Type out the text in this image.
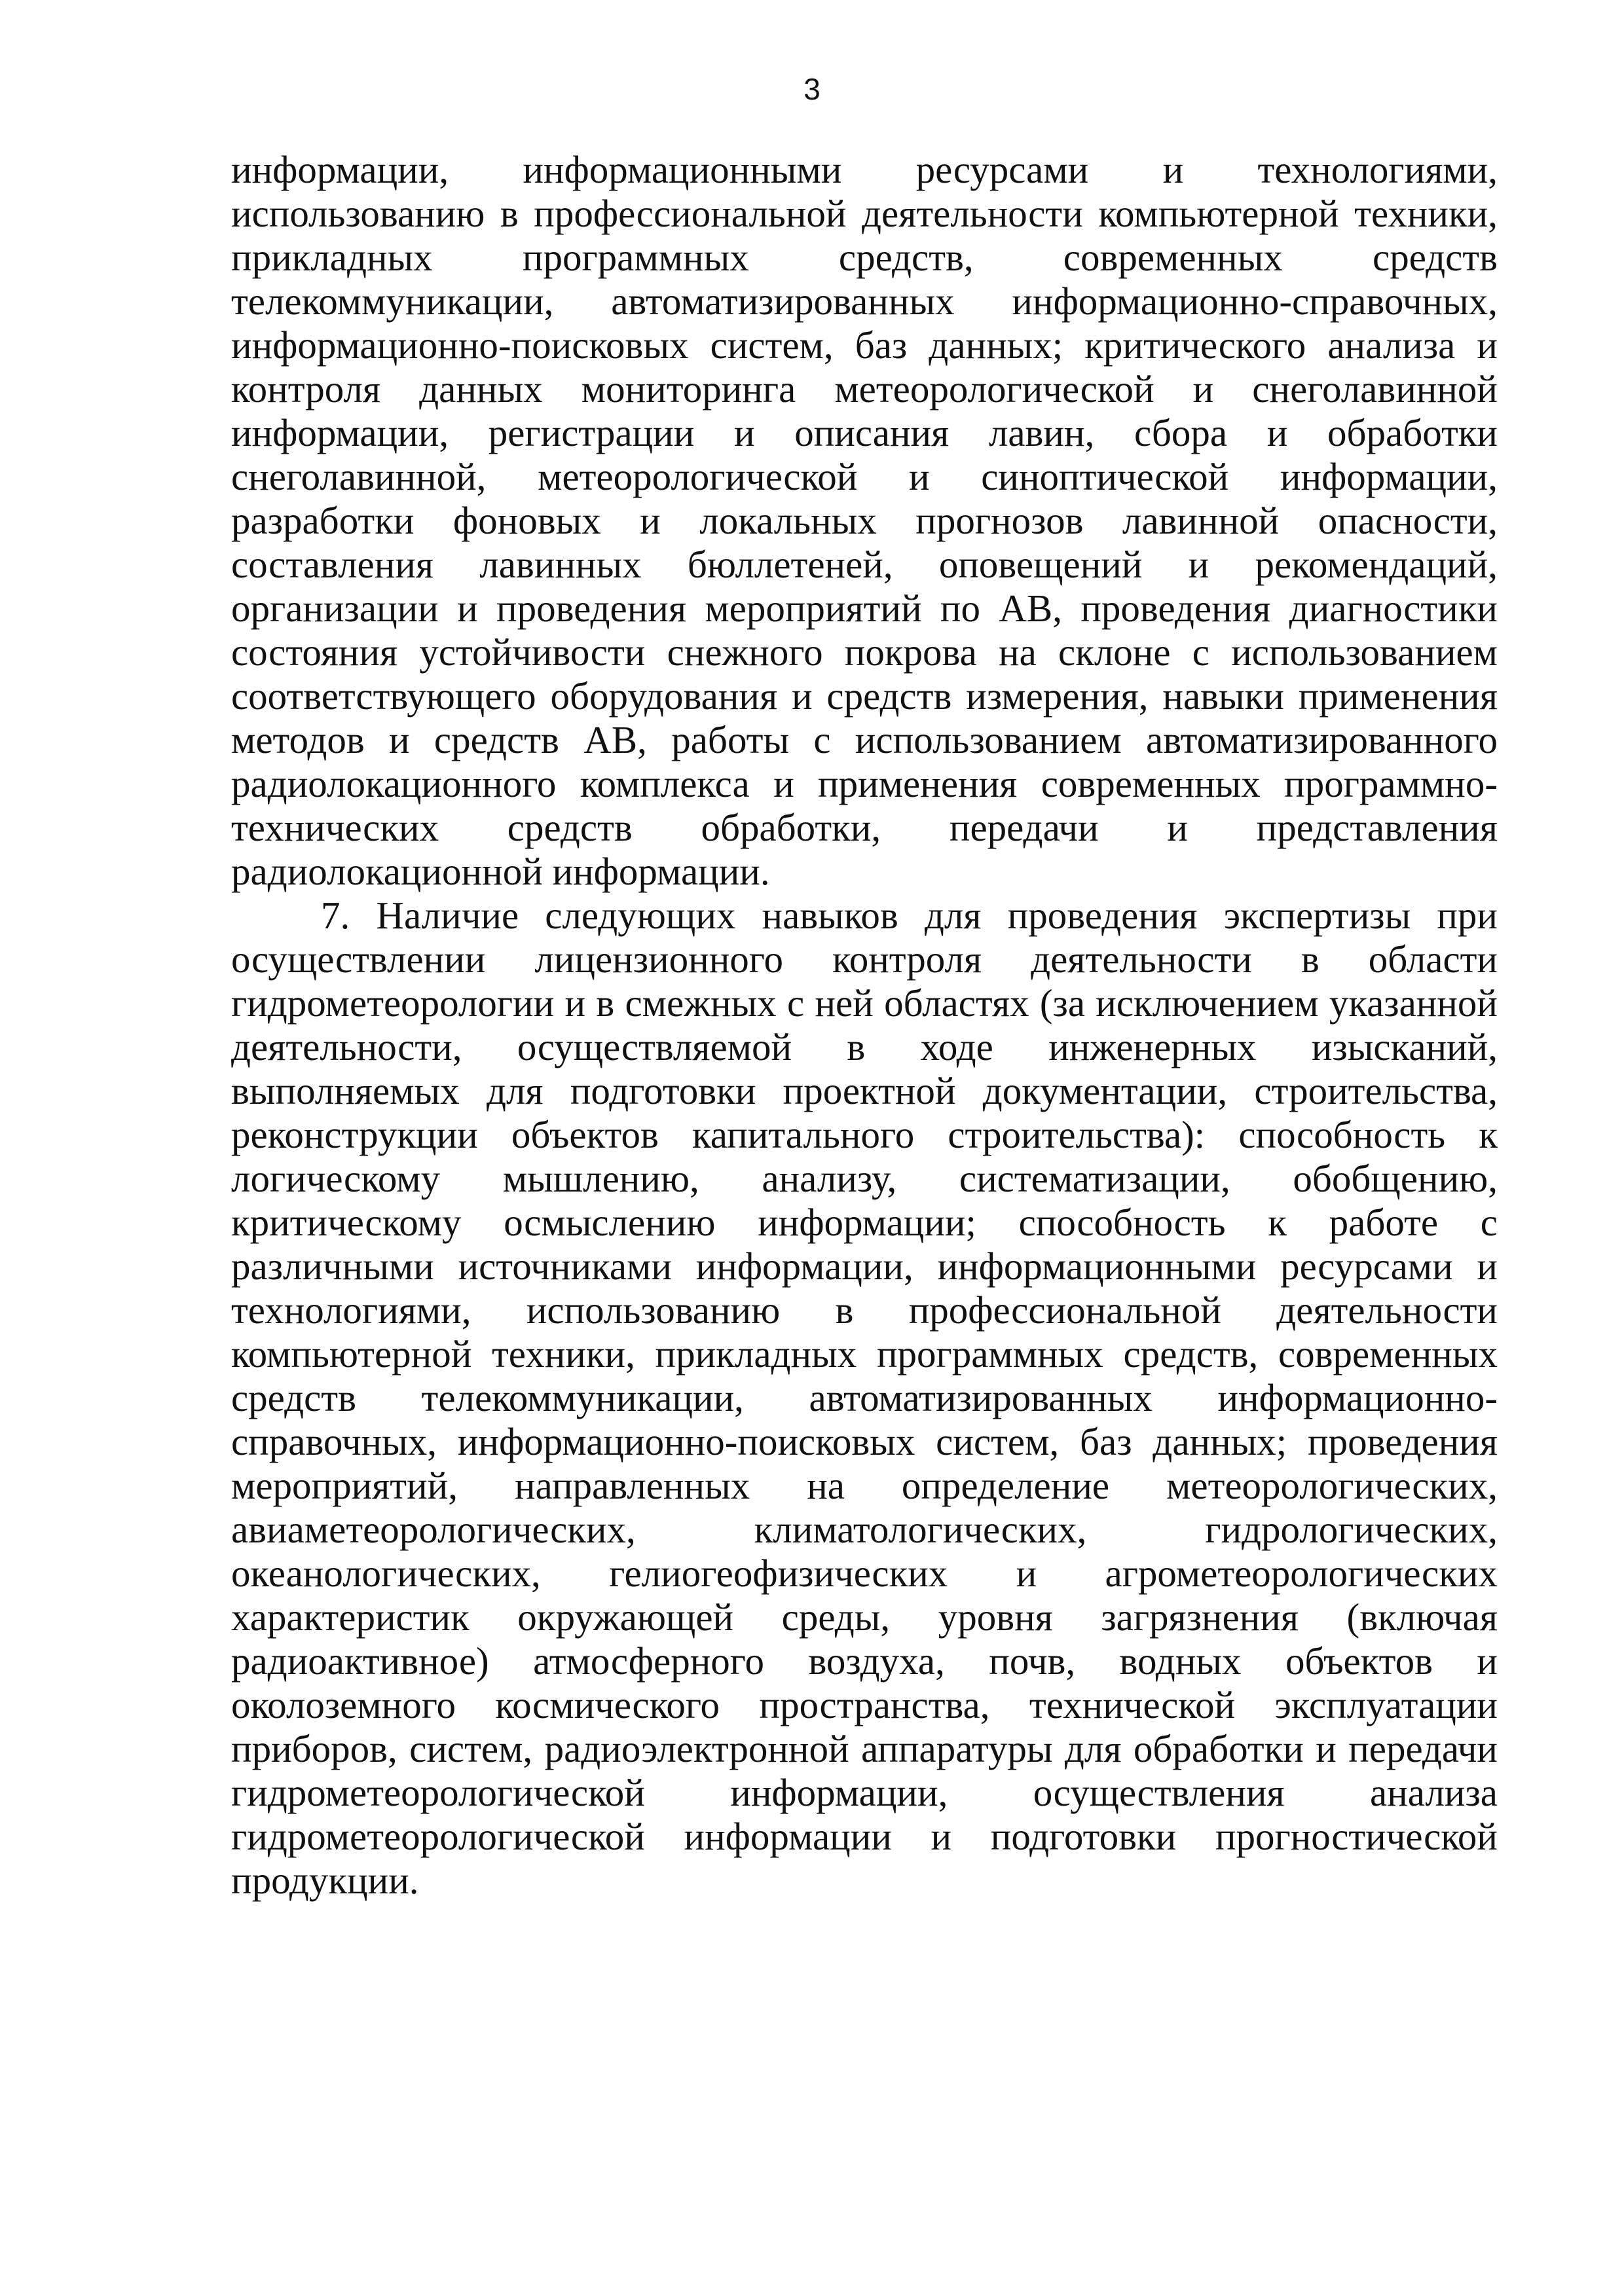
3

информации, информационными ресурсами и технологиями, использованию в профессиональной деятельности компьютерной техники, прикладных программных средств, современных средств телекоммуникации, автоматизированных информационно-справочных, информационно-поисковых систем, баз данных; критического анализа и контроля данных мониторинга метеорологической и снеголавинной информации, регистрации и описания лавин, сбора и обработки снеголавинной, метеорологической и синоптической информации, разработки фоновых и локальных прогнозов лавинной опасности, составления лавинных бюллетеней, оповещений и рекомендаций, организации и проведения мероприятий по АВ, проведения диагностики состояния устойчивости снежного покрова на склоне с использованием соответствующего оборудования и средств измерения, навыки применения методов и средств АВ, работы с использованием автоматизированного радиолокационного комплекса и применения современных программно-технических средств обработки, передачи и представления радиолокационной информации.

7. Наличие следующих навыков для проведения экспертизы при осуществлении лицензионного контроля деятельности в области гидрометеорологии и в смежных с ней областях (за исключением указанной деятельности, осуществляемой в ходе инженерных изысканий, выполняемых для подготовки проектной документации, строительства, реконструкции объектов капитального строительства): способность к логическому мышлению, анализу, систематизации, обобщению, критическому осмыслению информации; способность к работе с различными источниками информации, информационными ресурсами и технологиями, использованию в профессиональной деятельности компьютерной техники, прикладных программных средств, современных средств телекоммуникации, автоматизированных информационно-справочных, информационно-поисковых систем, баз данных; проведения мероприятий, направленных на определение метеорологических, авиаметеорологических, климатологических, гидрологических, океанологических, гелиогеофизических и агрометеорологических характеристик окружающей среды, уровня загрязнения (включая радиоактивное) атмосферного воздуха, почв, водных объектов и околоземного космического пространства, технической эксплуатации приборов, систем, радиоэлектронной аппаратуры для обработки и передачи гидрометеорологической информации, осуществления анализа гидрометеорологической информации и подготовки прогностической продукции.
